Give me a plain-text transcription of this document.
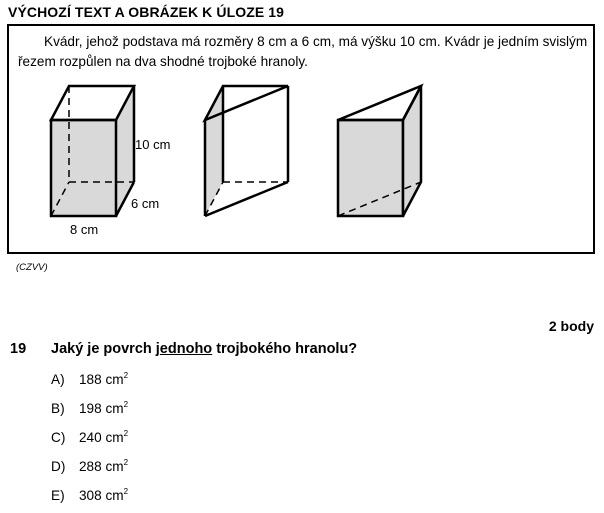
VÝCHOZÍ TEXT A OBRÁZEK K ÚLOZE 19
Kvádr, jehož podstava má rozměry 8 cm a 6 cm, má výšku 10 cm. Kvádr je jedním svislým řezem rozpůlen na dva shodné trojboké hranoly.
10 cm
6 cm
8 cm
(CZVV)
2 body
19 Jaký je povrch jednoho trojbokého hranolu?
A) 188 $cm^2$
B) 198 $cm^2$
C) 240 $cm^2$
D) 288 $cm^2$
E) 308 $cm^2$
